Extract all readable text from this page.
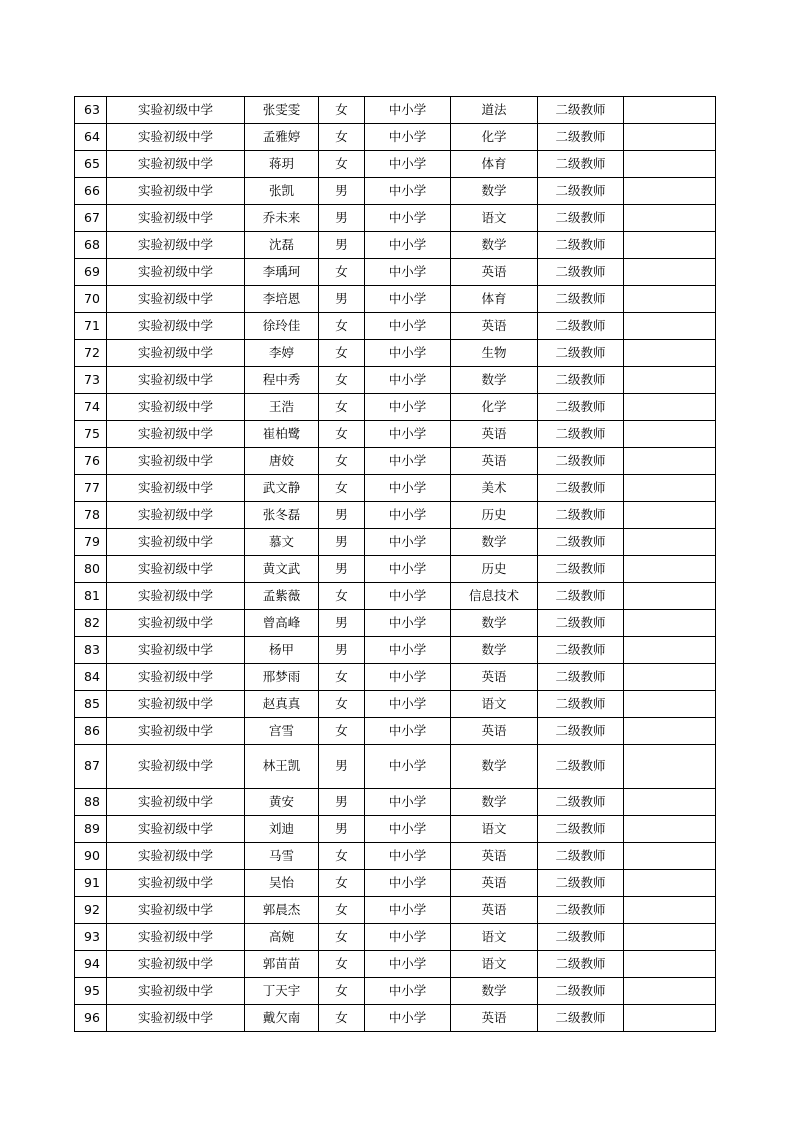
63	实验初级中学	张雯雯	女	中小学	道法	二级教师	
64	实验初级中学	孟雅婷	女	中小学	化学	二级教师	
65	实验初级中学	蒋玥	女	中小学	体育	二级教师	
66	实验初级中学	张凯	男	中小学	数学	二级教师	
67	实验初级中学	乔未来	男	中小学	语文	二级教师	
68	实验初级中学	沈磊	男	中小学	数学	二级教师	
69	实验初级中学	李瑀珂	女	中小学	英语	二级教师	
70	实验初级中学	李培恩	男	中小学	体育	二级教师	
71	实验初级中学	徐玲佳	女	中小学	英语	二级教师	
72	实验初级中学	李婷	女	中小学	生物	二级教师	
73	实验初级中学	程中秀	女	中小学	数学	二级教师	
74	实验初级中学	王浩	女	中小学	化学	二级教师	
75	实验初级中学	崔柏鹭	女	中小学	英语	二级教师	
76	实验初级中学	唐姣	女	中小学	英语	二级教师	
77	实验初级中学	武文静	女	中小学	美术	二级教师	
78	实验初级中学	张冬磊	男	中小学	历史	二级教师	
79	实验初级中学	慕文	男	中小学	数学	二级教师	
80	实验初级中学	黄文武	男	中小学	历史	二级教师	
81	实验初级中学	孟紫薇	女	中小学	信息技术	二级教师	
82	实验初级中学	曾高峰	男	中小学	数学	二级教师	
83	实验初级中学	杨甲	男	中小学	数学	二级教师	
84	实验初级中学	邢梦雨	女	中小学	英语	二级教师	
85	实验初级中学	赵真真	女	中小学	语文	二级教师	
86	实验初级中学	宫雪	女	中小学	英语	二级教师	
87	实验初级中学	林王凯	男	中小学	数学	二级教师	
88	实验初级中学	黄安	男	中小学	数学	二级教师	
89	实验初级中学	刘迪	男	中小学	语文	二级教师	
90	实验初级中学	马雪	女	中小学	英语	二级教师	
91	实验初级中学	吴怡	女	中小学	英语	二级教师	
92	实验初级中学	郭晨杰	女	中小学	英语	二级教师	
93	实验初级中学	高婉	女	中小学	语文	二级教师	
94	实验初级中学	郭苗苗	女	中小学	语文	二级教师	
95	实验初级中学	丁天宇	女	中小学	数学	二级教师	
96	实验初级中学	戴欠南	女	中小学	英语	二级教师	
